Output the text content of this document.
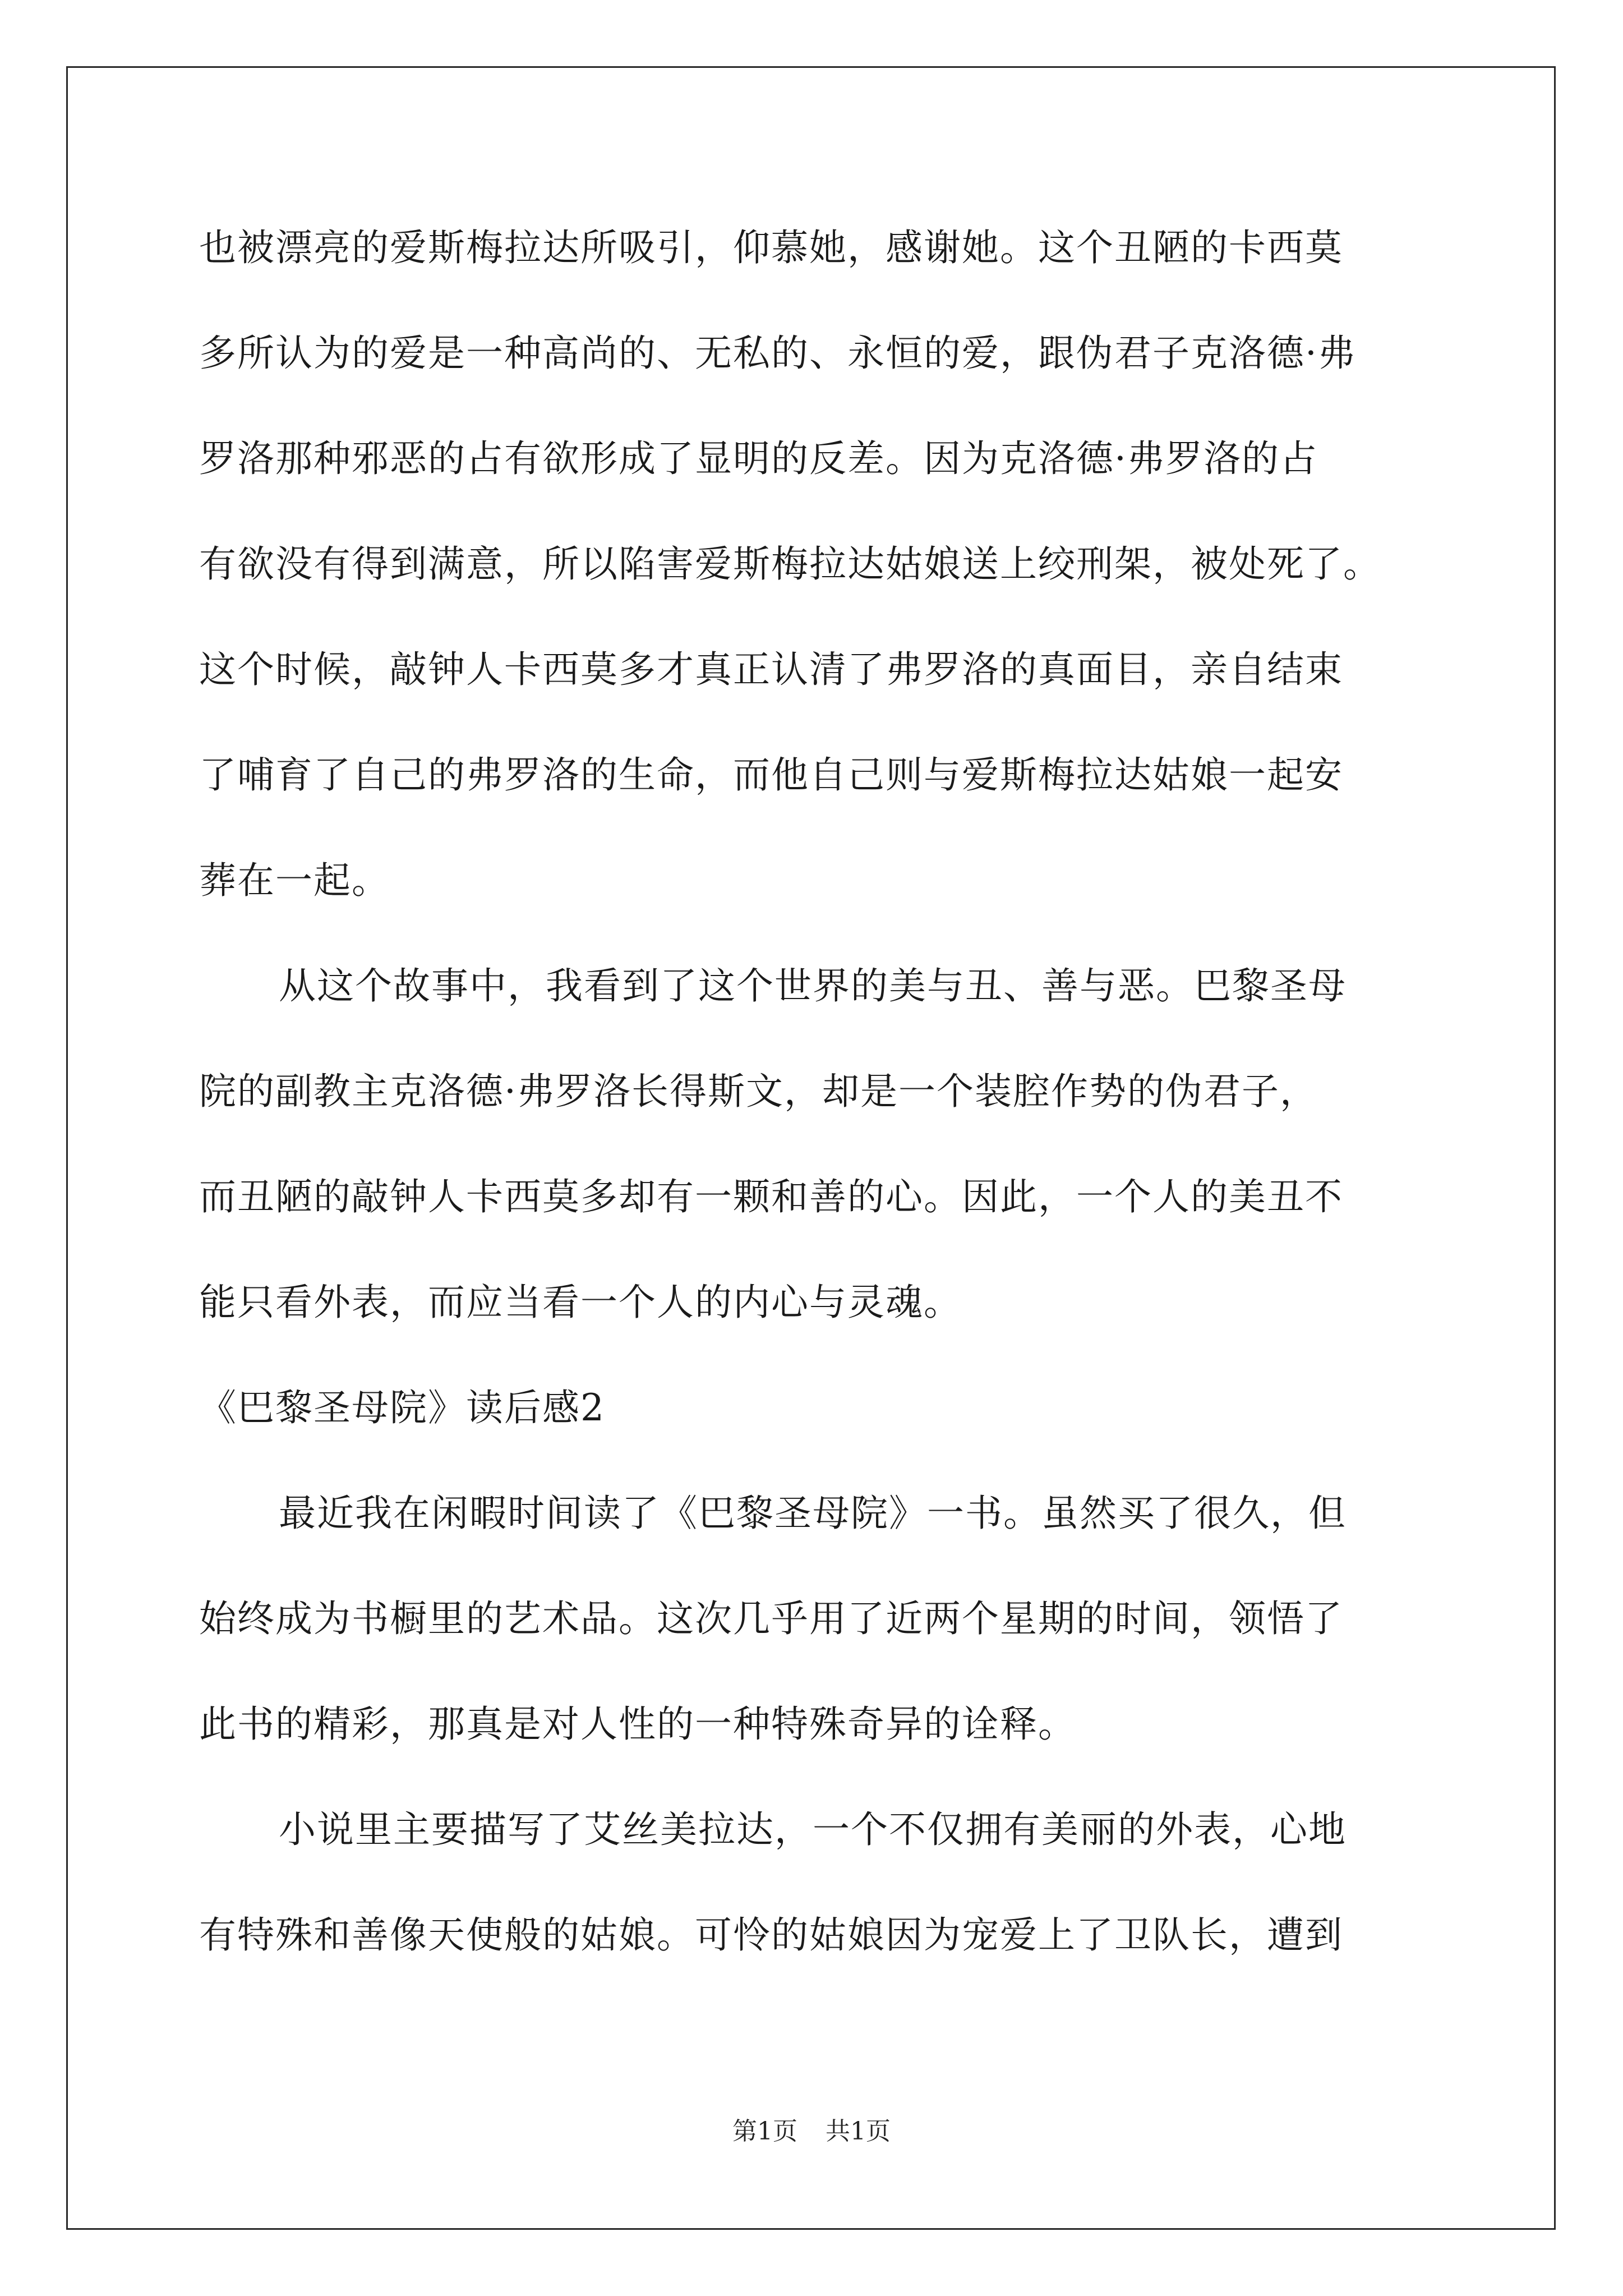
也被漂亮的爱斯梅拉达所吸引，仰慕她，感谢她。这个丑陋的卡西莫
多所认为的爱是一种高尚的、无私的、永恒的爱，跟伪君子克洛德·弗
罗洛那种邪恶的占有欲形成了显明的反差。因为克洛德·弗罗洛的占
有欲没有得到满意，所以陷害爱斯梅拉达姑娘送上绞刑架，被处死了。
这个时候，敲钟人卡西莫多才真正认清了弗罗洛的真面目，亲自结束
了哺育了自己的弗罗洛的生命，而他自己则与爱斯梅拉达姑娘一起安
葬在一起。
从这个故事中，我看到了这个世界的美与丑、善与恶。巴黎圣母
院的副教主克洛德·弗罗洛长得斯文，却是一个装腔作势的伪君子，
而丑陋的敲钟人卡西莫多却有一颗和善的心。因此，一个人的美丑不
能只看外表，而应当看一个人的内心与灵魂。
《巴黎圣母院》读后感2
最近我在闲暇时间读了《巴黎圣母院》一书。虽然买了很久，但
始终成为书橱里的艺术品。这次几乎用了近两个星期的时间，领悟了
此书的精彩，那真是对人性的一种特殊奇异的诠释。
小说里主要描写了艾丝美拉达，一个不仅拥有美丽的外表，心地
有特殊和善像天使般的姑娘。可怜的姑娘因为宠爱上了卫队长，遭到
第1页 共1页
